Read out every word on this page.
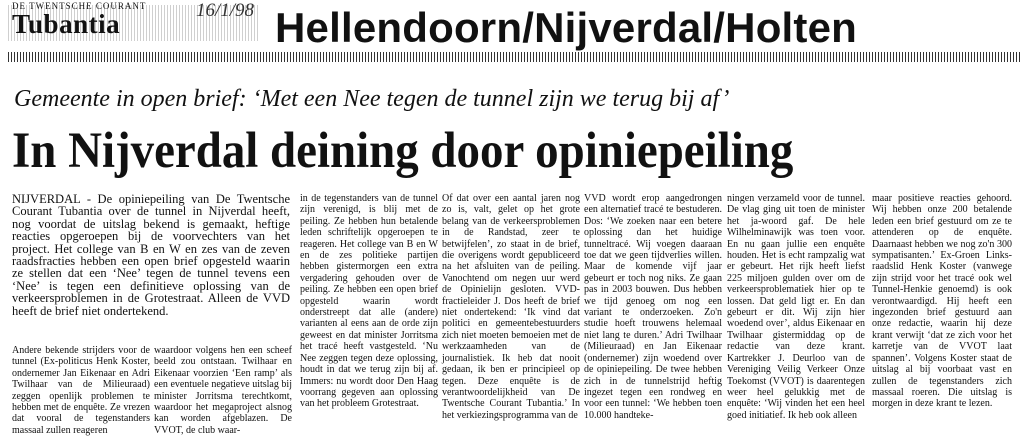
DE TWENTSCHE COURANT
Tubantia	16/1/98 Hellendoorn/Nijverdal/Holten
Gemeente in open brief: ‘Met een Nee tegen de tunnel zijn we terug bij af’
In Nijverdal deining door opiniepeiling

NIJVERDAL - De opiniepeiling van De Twentsche Courant Tubantia over de tunnel in Nijverdal heeft, nog voordat de uitslag bekend is gemaakt, heftige reacties opgeroepen bij de voorvechters van het project. Het college van B en W en zes van de zeven raadsfracties hebben een open brief opgesteld waarin ze stellen dat een ‘Nee’ tegen de tunnel tevens een ‘Nee’ is tegen een definitieve oplossing van de verkeersproblemen in de Grotestraat. Alleen de VVD heeft de brief niet ondertekend.

Andere bekende strijders voor de tunnel (Ex-politicus Henk Koster, ondernemer Jan Eikenaar en Adri Twilhaar van de Milieuraad) zeggen openlijk problemen te hebben met de enquête. Ze vrezen dat vooral de tegenstanders massaal zullen reageren
waardoor volgens hen een scheef beeld zou ontstaan. Twilhaar en Eikenaar voorzien ‘Een ramp’ als een eventuele negatieve uitslag bij minister Jorritsma terechtkomt, waardoor het megaproject alsnog kan worden afgeblazen. De VVOT, de club waar-
in de tegenstanders van de tunnel zijn verenigd, is blij met de peiling. Ze hebben hun betalende leden schriftelijk opgeroepen te reageren. Het college van B en W en de zes politieke partijen hebben gistermorgen een extra vergadering gehouden over de peiling. Ze hebben een open brief opgesteld waarin wordt onderstreept dat alle (andere) varianten al eens aan de orde zijn geweest en dat minister Jorritsma het tracé heeft vastgesteld. ‘Nu Nee zeggen tegen deze oplossing, houdt in dat we terug zijn bij af. Immers: nu wordt door Den Haag voorrang gegeven aan oplossing van het probleem Grotestraat.
Of dat over een aantal jaren nog zo is, valt, gelet op het grote belang van de verkeersproblemen in de Randstad, zeer te betwijfelen’, zo staat in de brief, die overigens wordt gepubliceerd na het afsluiten van de peiling. Vanochtend om negen uur werd de Opinielijn gesloten. VVD-fractieleider J. Dos heeft de brief niet ondertekend: ‘Ik vind dat politici en gemeentebestuurders zich niet moeten bemoeien met de werkzaamheden van de journalistiek. Ik heb dat nooit gedaan, ik ben er principieel op tegen. Deze enquête is de verantwoordelijkheid van De Twentsche Courant Tubantia.’ In het verkiezingsprogramma van de
VVD wordt erop aangedrongen een alternatief tracé te bestuderen. Dos: ‘We zoeken naar een betere oplossing dan het huidige tunneltracé. Wij voegen daaraan toe dat we geen tijdverlies willen. Maar de komende vijf jaar gebeurt er toch nog niks. Ze gaan pas in 2003 bouwen. Dus hebben we tijd genoeg om nog een variant te onderzoeken. Zo'n studie hoeft trouwens helemaal niet lang te duren.’ Adri Twilhaar (Milieuraad) en Jan Eikenaar (ondernemer) zijn woedend over de opiniepeiling. De twee hebben zich in de tunnelstrijd heftig ingezet tegen een rondweg en voor een tunnel: ‘We hebben toen 10.000 handteke-
ningen verzameld voor de tunnel. De vlag ging uit toen de minister het ja-woord gaf. De hele Wilhelminawijk was toen voor. En nu gaan jullie een enquête houden. Het is echt rampzalig wat er gebeurt. Het rijk heeft liefst 225 miljoen gulden over om de verkeersproblematiek hier op te lossen. Dat geld ligt er. En dan gebeurt er dit. Wij zijn hier woedend over’, aldus Eikenaar en Twilhaar gistermiddag op de redactie van deze krant. Kartrekker J. Deurloo van de Vereniging Veilig Verkeer Onze Toekomst (VVOT) is daarentegen weer heel gelukkig met de enquête: ‘Wij vinden het een heel goed initiatief. Ik heb ook alleen
maar positieve reacties gehoord. Wij hebben onze 200 betalende leden een brief gestuurd om ze te attenderen op de enquête. Daarnaast hebben we nog zo'n 300 sympatisanten.’ Ex-Groen Links-raadslid Henk Koster (vanwege zijn strijd voor het tracé ook wel Tunnel-Henkie genoemd) is ook verontwaardigd. Hij heeft een ingezonden brief gestuurd aan onze redactie, waarin hij deze krant verwijt ‘dat ze zich voor het karretje van de VVOT laat spannen’. Volgens Koster staat de uitslag al bij voorbaat vast en zullen de tegenstanders zich massaal roeren. Die uitslag is morgen in deze krant te lezen.
